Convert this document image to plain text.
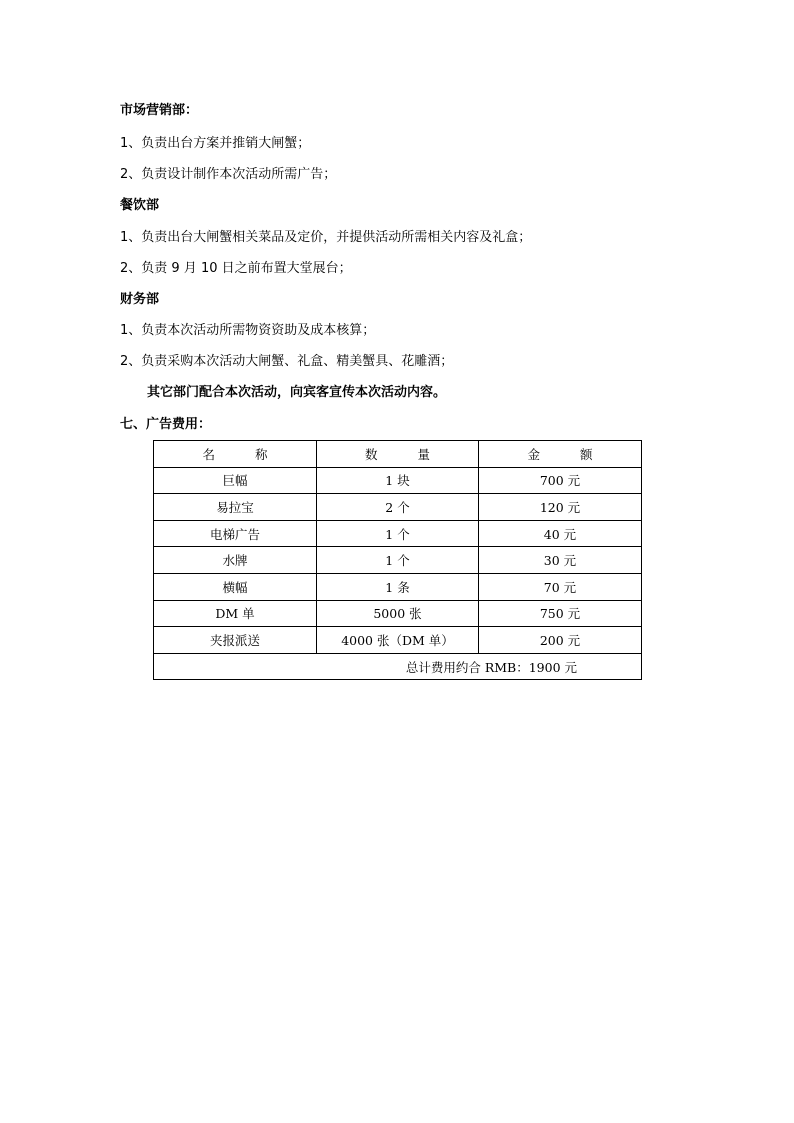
市场营销部：
1、负责出台方案并推销大闸蟹；
2、负责设计制作本次活动所需广告；
餐饮部
1、负责出台大闸蟹相关菜品及定价，并提供活动所需相关内容及礼盒；
2、负责 9 月 10 日之前布置大堂展台；
财务部
1、负责本次活动所需物资资助及成本核算；
2、负责采购本次活动大闸蟹、礼盒、精美蟹具、花雕酒；
其它部门配合本次活动，向宾客宣传本次活动内容。
七、广告费用：
名 称	数 量	金 额
巨幅	1 块	700 元
易拉宝	2 个	120 元
电梯广告	1 个	40 元
水牌	1 个	30 元
横幅	1 条	70 元
DM 单	5000 张	750 元
夹报派送	4000 张（DM 单）	200 元
总计费用约合 RMB：1900 元		
